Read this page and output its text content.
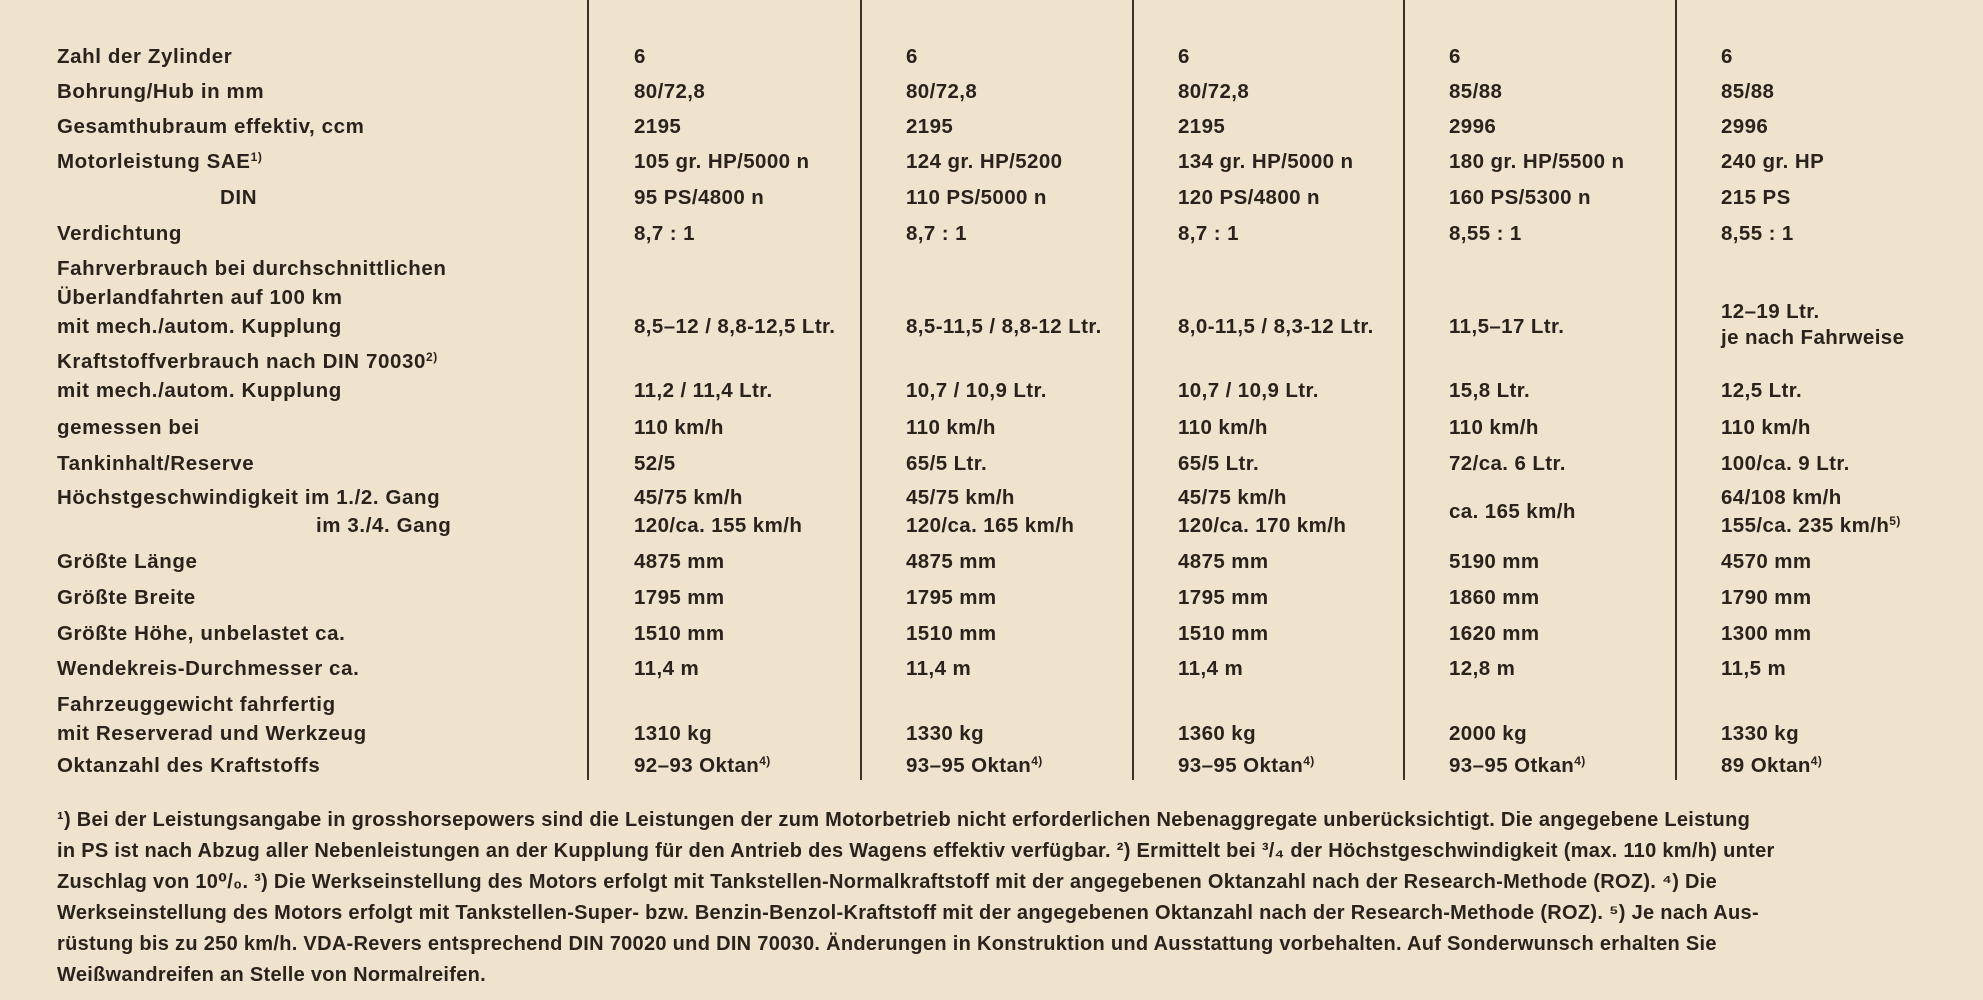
Zahl der Zylinder
Bohrung/Hub in mm
Gesamthubraum effektiv, ccm
Motorleistung SAE$^{1)}$
DIN
Verdichtung
Fahrverbrauch bei durchschnittlichen
Überlandfahrten auf 100 km
mit mech./autom. Kupplung
Kraftstoffverbrauch nach DIN 70030$^{2)}$
mit mech./autom. Kupplung
gemessen bei
Tankinhalt/Reserve
Höchstgeschwindigkeit im 1./2. Gang
im 3./4. Gang
Größte Länge
Größte Breite
Größte Höhe, unbelastet ca.
Wendekreis-Durchmesser ca.
Fahrzeuggewicht fahrfertig
mit Reserverad und Werkzeug
Oktanzahl des Kraftstoffs
6
80/72,8
2195
105 gr. HP/5000 n
95 PS/4800 n
8,7 : 1
11,2 / 11,4 Ltr.
110 km/h
52/5
4875 mm
1795 mm
1510 mm
11,4 m
1310 kg
8,5–12 / 8,8-12,5 Ltr.
45/75 km/h
120/ca. 155 km/h
92–93 Oktan$^{4)}$
6
80/72,8
2195
124 gr. HP/5200
110 PS/5000 n
8,7 : 1
10,7 / 10,9 Ltr.
110 km/h
65/5 Ltr.
4875 mm
1795 mm
1510 mm
11,4 m
1330 kg
8,5-11,5 / 8,8-12 Ltr.
45/75 km/h
120/ca. 165 km/h
93–95 Oktan$^{4)}$
6
80/72,8
2195
134 gr. HP/5000 n
120 PS/4800 n
8,7 : 1
10,7 / 10,9 Ltr.
110 km/h
65/5 Ltr.
4875 mm
1795 mm
1510 mm
11,4 m
1360 kg
8,0-11,5 / 8,3-12 Ltr.
45/75 km/h
120/ca. 170 km/h
93–95 Oktan$^{4)}$
6
85/88
2996
180 gr. HP/5500 n
160 PS/5300 n
8,55 : 1
15,8 Ltr.
110 km/h
72/ca. 6 Ltr.
5190 mm
1860 mm
1620 mm
12,8 m
2000 kg
11,5–17 Ltr.
ca. 165 km/h
93–95 Otkan$^{4)}$
6
85/88
2996
240 gr. HP
215 PS
8,55 : 1
12,5 Ltr.
110 km/h
100/ca. 9 Ltr.
4570 mm
1790 mm
1300 mm
11,5 m
1330 kg
12–19 Ltr.
je nach Fahrweise
64/108 km/h
155/ca. 235 $km/h^{5)}$
89 Oktan$^{4)}$
¹) Bei der Leistungsangabe in grosshorsepowers sind die Leistungen der zum Motorbetrieb nicht erforderlichen Nebenaggregate unberücksichtigt. Die angegebene Leistung
in PS ist nach Abzug aller Nebenleistungen an der Kupplung für den Antrieb des Wagens effektiv verfügbar. ²) Ermittelt bei ³/₄ der Höchstgeschwindigkeit (max. 110 km/h) unter
Zuschlag von 10⁰/₀. ³) Die Werkseinstellung des Motors erfolgt mit Tankstellen-Normalkraftstoff mit der angegebenen Oktanzahl nach der Research-Methode (ROZ). ⁴) Die
Werkseinstellung des Motors erfolgt mit Tankstellen-Super- bzw. Benzin-Benzol-Kraftstoff mit der angegebenen Oktanzahl nach der Research-Methode (ROZ). ⁵) Je nach Aus-
rüstung bis zu 250 km/h. VDA-Revers entsprechend DIN 70020 und DIN 70030. Änderungen in Konstruktion und Ausstattung vorbehalten. Auf Sonderwunsch erhalten Sie
Weißwandreifen an Stelle von Normalreifen.
